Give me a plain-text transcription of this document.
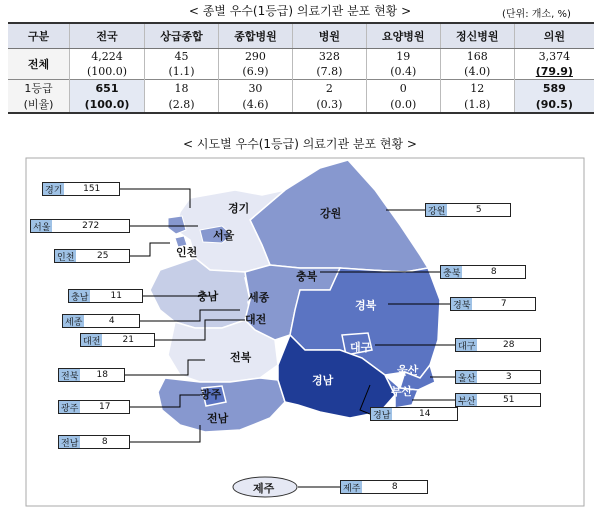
< 종별 우수(1등급) 의료기관 분포 현황 >	(단위: 개소, %)
구분	전국	상급종합	종합병원	병원	요양병원	정신병원	의원
전체	4,224	45	290	328	19	168	3,374
	(100.0)	(1.1)	(6.9)	(7.8)	(0.4)	(4.0)	(79.9)
1등급	651	18	30	2	0	12	589
(비율)	(100.0)	(2.8)	(4.6)	(0.3)	(0.0)	(1.8)	(90.5)
< 시도별 우수(1등급) 의료기관 분포 현황 >
경기
서울
인천
강원
충북
충남	세종
대전
경북
대구
전북
광주
전남
경남
울산
부산
제주
경기	151
서울	272
인천	25
강원	5
충북	8
충남	11
세종	4
대전	21
경북	7
대구	28
전북	18
광주	17
전남	8
경남	14
울산	3
부산	51
제주	8
